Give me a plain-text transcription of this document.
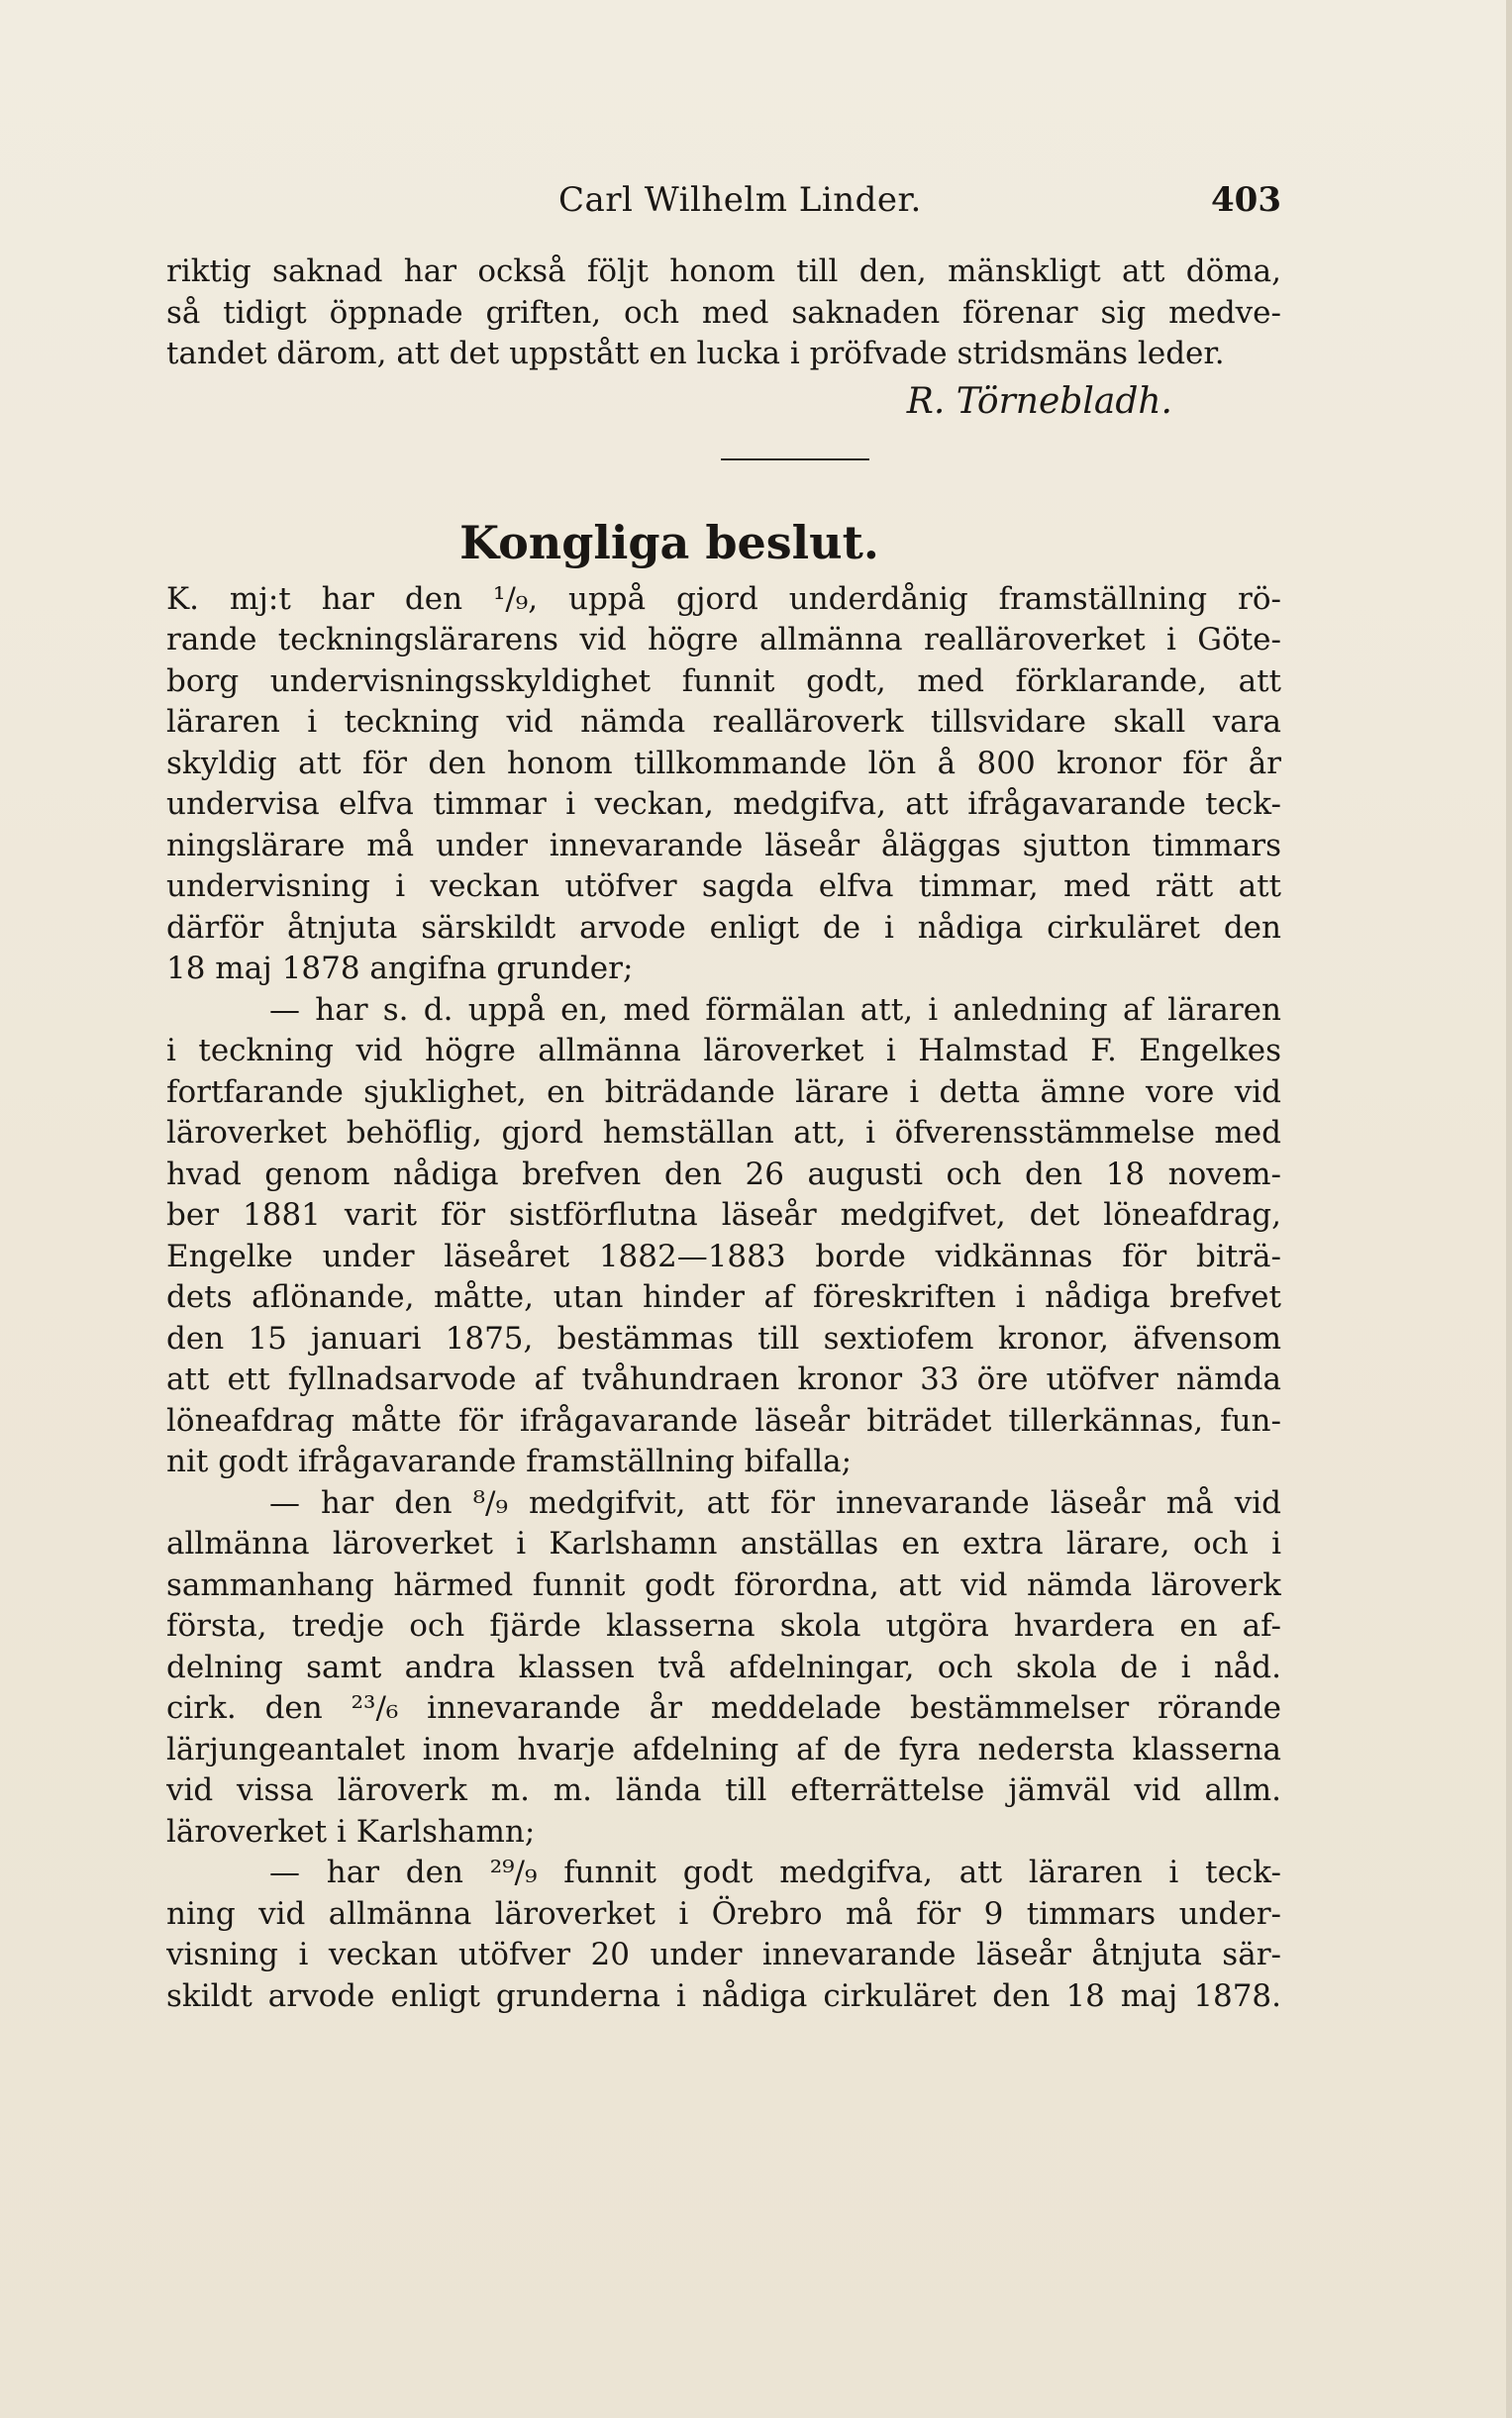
Carl Wilhelm Linder.	403
riktig saknad har också följt honom till den, mänskligt att döma,
så tidigt öppnade griften, och med saknaden förenar sig medve-
tandet därom, att det uppstått en lucka i pröfvade stridsmäns leder.
R. Törnebladh.
Kongliga beslut.
K. mj:t har den ¹/₉, uppå gjord underdånig framställning rö-
rande teckningslärarens vid högre allmänna realläroverket i Göte-
borg undervisningsskyldighet funnit godt, med förklarande, att
läraren i teckning vid nämda realläroverk tillsvidare skall vara
skyldig att för den honom tillkommande lön å 800 kronor för år
undervisa elfva timmar i veckan, medgifva, att ifrågavarande teck-
ningslärare må under innevarande läseår åläggas sjutton timmars
undervisning i veckan utöfver sagda elfva timmar, med rätt att
därför åtnjuta särskildt arvode enligt de i nådiga cirkuläret den
18 maj 1878 angifna grunder;
— har s. d. uppå en, med förmälan att, i anledning af läraren
i teckning vid högre allmänna läroverket i Halmstad F. Engelkes
fortfarande sjuklighet, en biträdande lärare i detta ämne vore vid
läroverket behöflig, gjord hemställan att, i öfverensstämmelse med
hvad genom nådiga brefven den 26 augusti och den 18 novem-
ber 1881 varit för sistförflutna läseår medgifvet, det löneafdrag,
Engelke under läseåret 1882—1883 borde vidkännas för biträ-
dets aflönande, måtte, utan hinder af föreskriften i nådiga brefvet
den 15 januari 1875, bestämmas till sextiofem kronor, äfvensom
att ett fyllnadsarvode af tvåhundraen kronor 33 öre utöfver nämda
löneafdrag måtte för ifrågavarande läseår biträdet tillerkännas, fun-
nit godt ifrågavarande framställning bifalla;
— har den ⁸/₉ medgifvit, att för innevarande läseår må vid
allmänna läroverket i Karlshamn anställas en extra lärare, och i
sammanhang härmed funnit godt förordna, att vid nämda läroverk
första, tredje och fjärde klasserna skola utgöra hvardera en af-
delning samt andra klassen två afdelningar, och skola de i nåd.
cirk. den ²³/₆ innevarande år meddelade bestämmelser rörande
lärjungeantalet inom hvarje afdelning af de fyra nedersta klasserna
vid vissa läroverk m. m. lända till efterrättelse jämväl vid allm.
läroverket i Karlshamn;
— har den ²⁹/₉ funnit godt medgifva, att läraren i teck-
ning vid allmänna läroverket i Örebro må för 9 timmars under-
visning i veckan utöfver 20 under innevarande läseår åtnjuta sär-
skildt arvode enligt grunderna i nådiga cirkuläret den 18 maj 1878.
